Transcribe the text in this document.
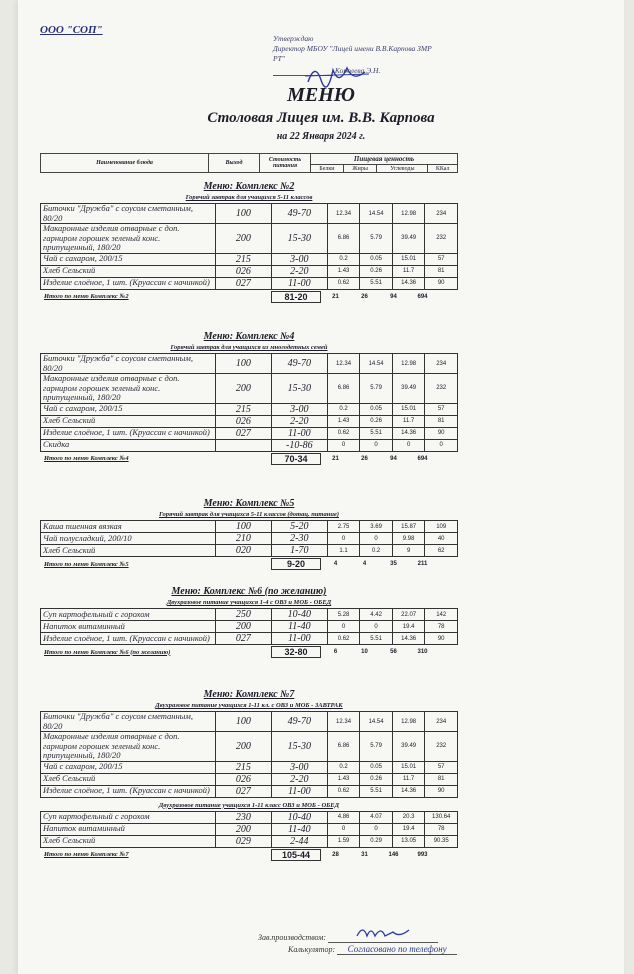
ООО "СОП"
Утверждаю
Директор МБОУ "Лицей имени В.В.Карпова ЗМР
РТ"
Королева Э.Н.
МЕНЮ
Столовая Лицея им. В.В. Карпова
на 22 Января 2024 г.
Наименование блюда	Выход	Стоимость питания	Пищевая ценность			
			Белки	Жиры	Углеводы	ККал
Меню: Комплекс №2
Горячий завтрак для учащихся 5-11 классов
Биточки "Дружба" с соусом сметанным, 80/20	100	49-70	12.34	14.54	12.98	234
Макаронные изделия отварные с доп. гарниром горошек зеленый конс. припущенный, 180/20	200	15-30	6.86	5.79	39.49	232
Чай с сахаром, 200/15	215	3-00	0.2	0.05	15.01	57
Хлеб Сельский	026	2-20	1.43	0.26	11.7	81
Изделие слоёное, 1 шт. (Круассан с начинкой)	027	11-00	0.62	5.51	14.36	90
Итого по меню Комплекс №2	81-20	21	26	94	694
Меню: Комплекс №4
Горячий завтрак для учащихся из многодетных семей
Биточки "Дружба" с соусом сметанным, 80/20	100	49-70	12.34	14.54	12.98	234
Макаронные изделия отварные с доп. гарниром горошек зеленый конс. припущенный, 180/20	200	15-30	6.86	5.79	39.49	232
Чай с сахаром, 200/15	215	3-00	0.2	0.05	15.01	57
Хлеб Сельский	026	2-20	1.43	0.26	11.7	81
Изделие слоёное, 1 шт. (Круассан с начинкой)	027	11-00	0.62	5.51	14.36	90
Скидка		-10-86	0	0	0	0
Итого по меню Комплекс №4	70-34	21	26	94	694
Меню: Комплекс №5
Горячий завтрак для учащихся 5-11 классов (дотац. питание)
Каша пшенная вязкая	100	5-20	2.75	3.69	15.87	109
Чай полусладкий, 200/10	210	2-30	0	0	9.98	40
Хлеб Сельский	020	1-70	1.1	0.2	9	62
Итого по меню Комплекс №5	9-20	4	4	35	211
Меню: Комплекс №6 (по желанию)
Двухразовое питание учащихся 1-4 с ОВЗ и МОБ - ОБЕД
Суп картофельный с горохом	250	10-40	5.28	4.42	22.07	142
Напиток витаминный	200	11-40	0	0	19.4	78
Изделие слоёное, 1 шт. (Круассан с начинкой)	027	11-00	0.62	5.51	14.36	90
Итого по меню Комплекс №6 (по желанию)	32-80	6	10	56	310
Меню: Комплекс №7
Двухразовое питание учащихся 1-11 кл. с ОВЗ и МОБ - ЗАВТРАК
Биточки "Дружба" с соусом сметанным, 80/20	100	49-70	12.34	14.54	12.98	234
Макаронные изделия отварные с доп. гарниром горошек зеленый конс. припущенный, 180/20	200	15-30	6.86	5.79	39.49	232
Чай с сахаром, 200/15	215	3-00	0.2	0.05	15.01	57
Хлеб Сельский	026	2-20	1.43	0.26	11.7	81
Изделие слоёное, 1 шт. (Круассан с начинкой)	027	11-00	0.62	5.51	14.36	90
Двухразовое питание учащихся 1-11 класс ОВЗ и МОБ - ОБЕД
Суп картофельный с горохом	230	10-40	4.86	4.07	20.3	130.64
Напиток витаминный	200	11-40	0	0	19.4	78
Хлеб Сельский	029	2-44	1.59	0.29	13.05	90.35
Итого по меню Комплекс №7	105-44	28	31	146	993
Зав.производством:
Калькулятор: Согласовано по телефону
